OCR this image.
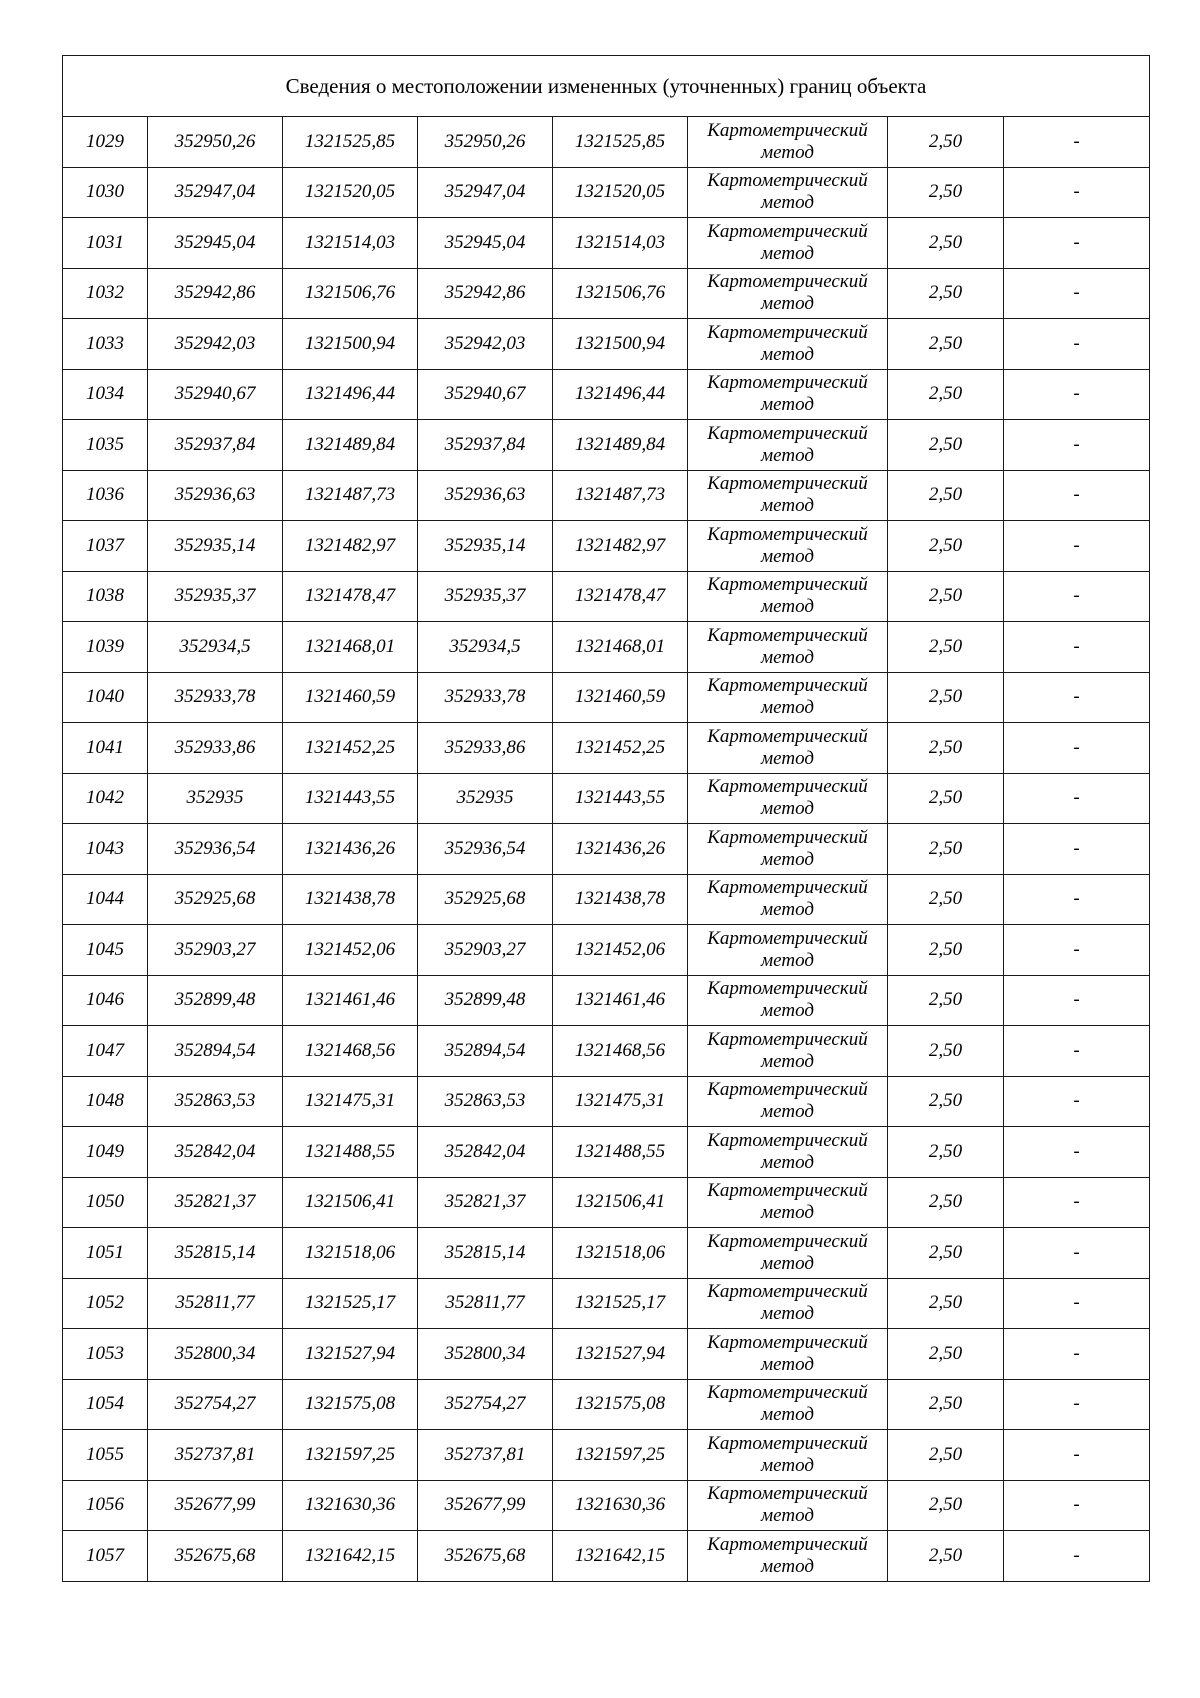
Сведения о местоположении измененных (уточненных) границ объекта							
1029	352950,26	1321525,85	352950,26	1321525,85	Картометрический метод	2,50	-
1030	352947,04	1321520,05	352947,04	1321520,05	Картометрический метод	2,50	-
1031	352945,04	1321514,03	352945,04	1321514,03	Картометрический метод	2,50	-
1032	352942,86	1321506,76	352942,86	1321506,76	Картометрический метод	2,50	-
1033	352942,03	1321500,94	352942,03	1321500,94	Картометрический метод	2,50	-
1034	352940,67	1321496,44	352940,67	1321496,44	Картометрический метод	2,50	-
1035	352937,84	1321489,84	352937,84	1321489,84	Картометрический метод	2,50	-
1036	352936,63	1321487,73	352936,63	1321487,73	Картометрический метод	2,50	-
1037	352935,14	1321482,97	352935,14	1321482,97	Картометрический метод	2,50	-
1038	352935,37	1321478,47	352935,37	1321478,47	Картометрический метод	2,50	-
1039	352934,5	1321468,01	352934,5	1321468,01	Картометрический метод	2,50	-
1040	352933,78	1321460,59	352933,78	1321460,59	Картометрический метод	2,50	-
1041	352933,86	1321452,25	352933,86	1321452,25	Картометрический метод	2,50	-
1042	352935	1321443,55	352935	1321443,55	Картометрический метод	2,50	-
1043	352936,54	1321436,26	352936,54	1321436,26	Картометрический метод	2,50	-
1044	352925,68	1321438,78	352925,68	1321438,78	Картометрический метод	2,50	-
1045	352903,27	1321452,06	352903,27	1321452,06	Картометрический метод	2,50	-
1046	352899,48	1321461,46	352899,48	1321461,46	Картометрический метод	2,50	-
1047	352894,54	1321468,56	352894,54	1321468,56	Картометрический метод	2,50	-
1048	352863,53	1321475,31	352863,53	1321475,31	Картометрический метод	2,50	-
1049	352842,04	1321488,55	352842,04	1321488,55	Картометрический метод	2,50	-
1050	352821,37	1321506,41	352821,37	1321506,41	Картометрический метод	2,50	-
1051	352815,14	1321518,06	352815,14	1321518,06	Картометрический метод	2,50	-
1052	352811,77	1321525,17	352811,77	1321525,17	Картометрический метод	2,50	-
1053	352800,34	1321527,94	352800,34	1321527,94	Картометрический метод	2,50	-
1054	352754,27	1321575,08	352754,27	1321575,08	Картометрический метод	2,50	-
1055	352737,81	1321597,25	352737,81	1321597,25	Картометрический метод	2,50	-
1056	352677,99	1321630,36	352677,99	1321630,36	Картометрический метод	2,50	-
1057	352675,68	1321642,15	352675,68	1321642,15	Картометрический метод	2,50	-
